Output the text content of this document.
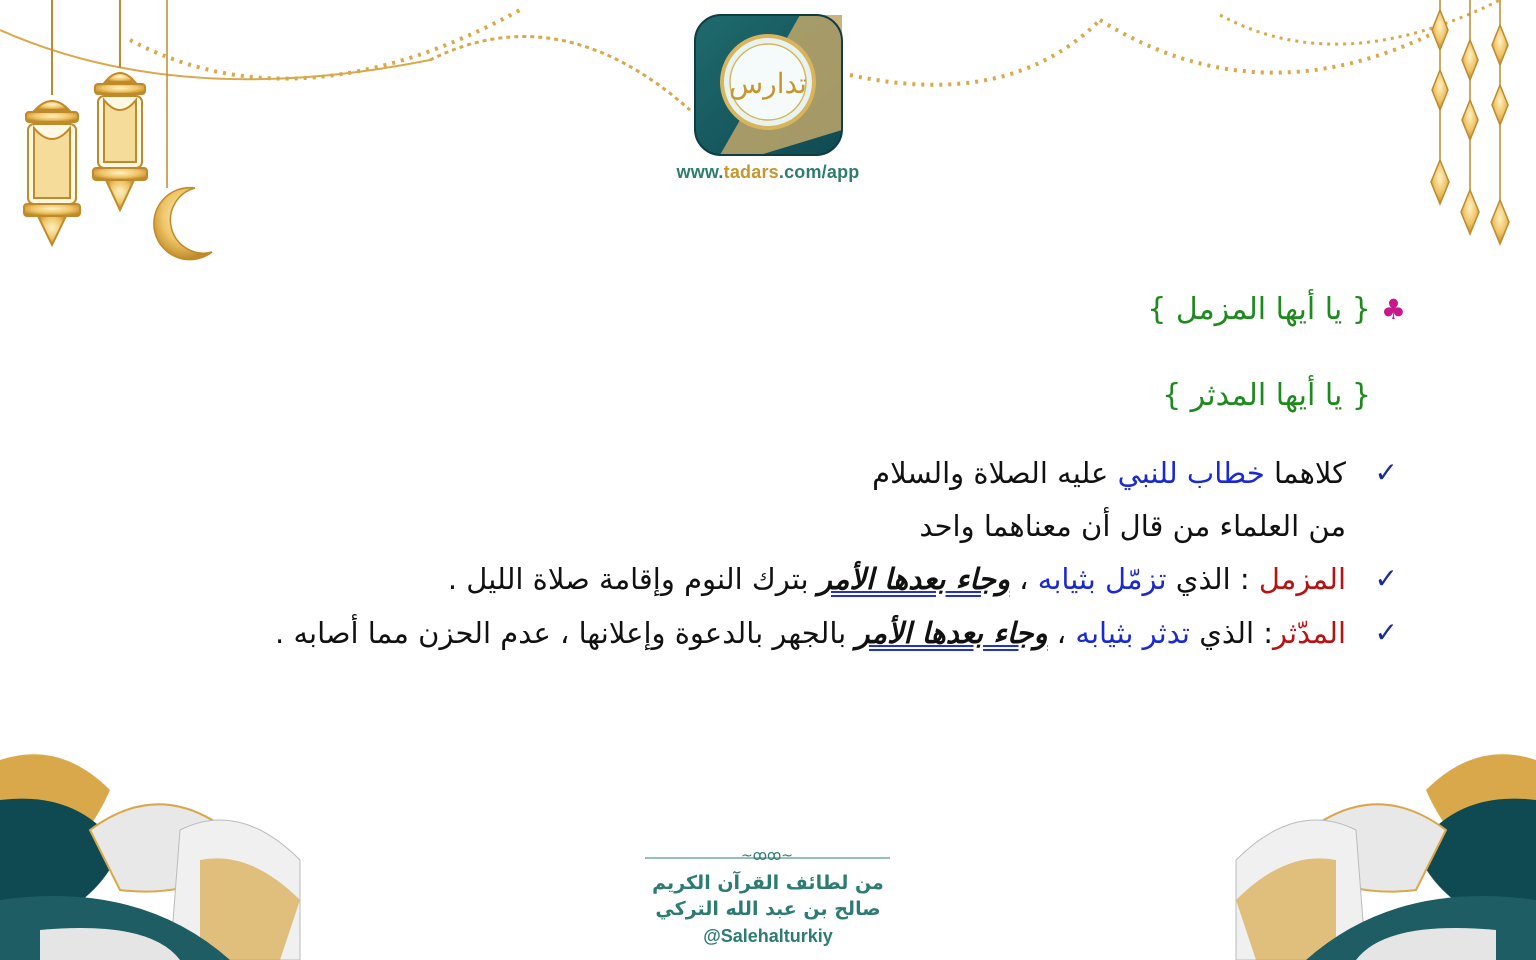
تدارس
~ꝏꝏ~
www.tadars.com/app
♣{ يا أيها المزمل }
{ يا أيها المدثر }
✓
كلاهما خطاب للنبي عليه الصلاة والسلام
من العلماء من قال أن معناهما واحد
✓
المزمل : الذي تزمّل بثيابه ، وجاء بعدها الأمر بترك النوم وإقامة صلاة الليل .
✓
المدّثر: الذي تدثر بثيابه ، وجاء بعدها الأمر بالجهر بالدعوة وإعلانها ، عدم الحزن مما أصابه .
من لطائف القرآن الكريم
صالح بن عبد الله التركي
@Salehalturkiy
